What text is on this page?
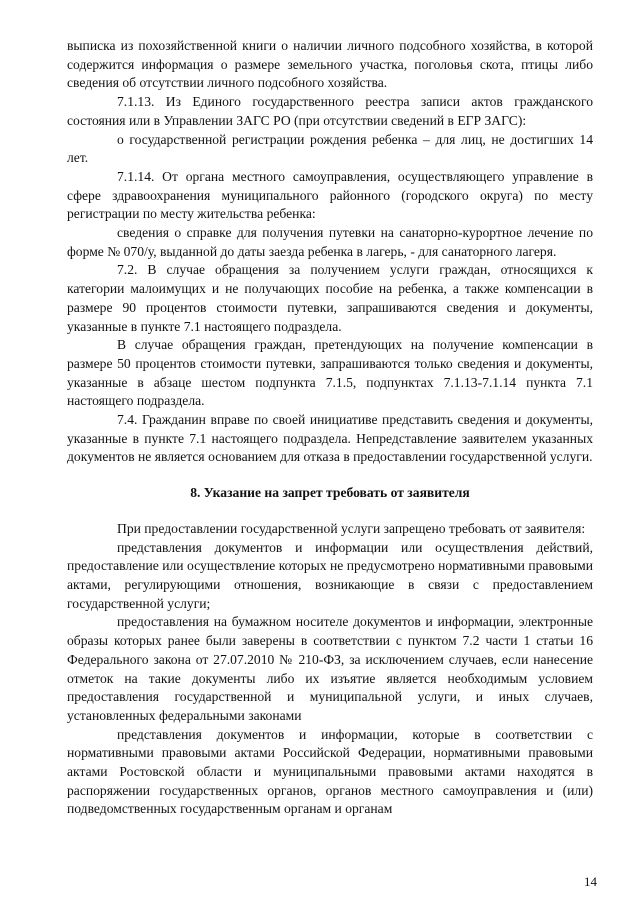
выписка из похозяйственной книги о наличии личного подсобного хозяйства, в которой содержится информация о размере земельного участка, поголовья скота, птицы либо сведения об отсутствии личного подсобного хозяйства.

7.1.13. Из Единого государственного реестра записи актов гражданского состояния или в Управлении ЗАГС РО (при отсутствии сведений в ЕГР ЗАГС):

о государственной регистрации рождения ребенка – для лиц, не достигших 14 лет.

7.1.14. От органа местного самоуправления, осуществляющего управление в сфере здравоохранения муниципального районного (городского округа) по месту регистрации по месту жительства ребенка:

сведения о справке для получения путевки на санаторно-курортное лечение по форме № 070/у, выданной до даты заезда ребенка в лагерь, - для санаторного лагеря.

7.2. В случае обращения за получением услуги граждан, относящихся к категории малоимущих и не получающих пособие на ребенка, а также компенсации в размере 90 процентов стоимости путевки, запрашиваются сведения и документы, указанные в пункте 7.1 настоящего подраздела.

В случае обращения граждан, претендующих на получение компенсации в размере 50 процентов стоимости путевки, запрашиваются только сведения и документы, указанные в абзаце шестом подпункта 7.1.5, подпунктах 7.1.13-7.1.14 пункта 7.1 настоящего подраздела.

7.4. Гражданин вправе по своей инициативе представить сведения и документы, указанные в пункте 7.1 настоящего подраздела. Непредставление заявителем указанных документов не является основанием для отказа в предоставлении государственной услуги.

8. Указание на запрет требовать от заявителя

При предоставлении государственной услуги запрещено требовать от заявителя:

представления документов и информации или осуществления действий, предоставление или осуществление которых не предусмотрено нормативными правовыми актами, регулирующими отношения, возникающие в связи с предоставлением государственной услуги;

предоставления на бумажном носителе документов и информации, электронные образы которых ранее были заверены в соответствии с пунктом 7.2 части 1 статьи 16 Федерального закона от 27.07.2010 № 210-ФЗ, за исключением случаев, если нанесение отметок на такие документы либо их изъятие является необходимым условием предоставления государственной и муниципальной услуги, и иных случаев, установленных федеральными законами

представления документов и информации, которые в соответствии с нормативными правовыми актами Российской Федерации, нормативными правовыми актами Ростовской области и муниципальными правовыми актами находятся в распоряжении государственных органов, органов местного самоуправления и (или) подведомственных государственным органам и органам

14
